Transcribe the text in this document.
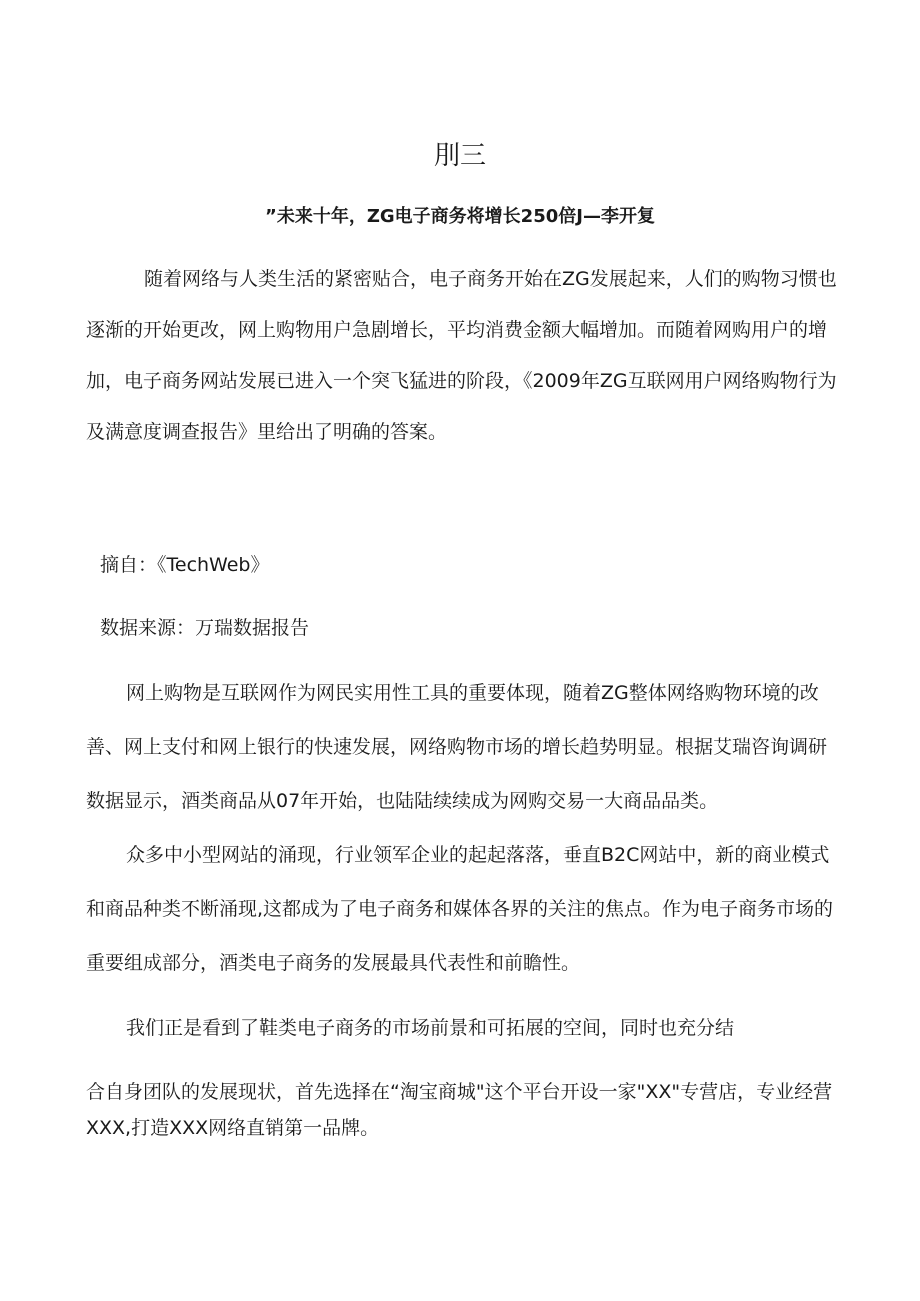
刖三

”未来十年，ZG电子商务将增长250倍J—李开复

随着网络与人类生活的紧密贴合，电子商务开始在ZG发展起来，人们的购物习惯也逐渐的开始更改，网上购物用户急剧增长，平均消费金额大幅增加。而随着网购用户的增加，电子商务网站发展已进入一个突飞猛进的阶段，《2009年ZG互联网用户网络购物行为及满意度调查报告》里给出了明确的答案。

摘自：《TechWeb》

数据来源：万瑞数据报告

网上购物是互联网作为网民实用性工具的重要体现，随着ZG整体网络购物环境的改善、网上支付和网上银行的快速发展，网络购物市场的增长趋势明显。根据艾瑞咨询调研数据显示，酒类商品从07年开始，也陆陆续续成为网购交易一大商品品类。

众多中小型网站的涌现，行业领军企业的起起落落，垂直B2C网站中，新的商业模式和商品种类不断涌现,这都成为了电子商务和媒体各界的关注的焦点。作为电子商务市场的重要组成部分，酒类电子商务的发展最具代表性和前瞻性。

我们正是看到了鞋类电子商务的市场前景和可拓展的空间，同时也充分结

合自身团队的发展现状，首先选择在“淘宝商城"这个平台开设一家"XX"专营店，专业经营XXX,打造XXX网络直销第一品牌。
